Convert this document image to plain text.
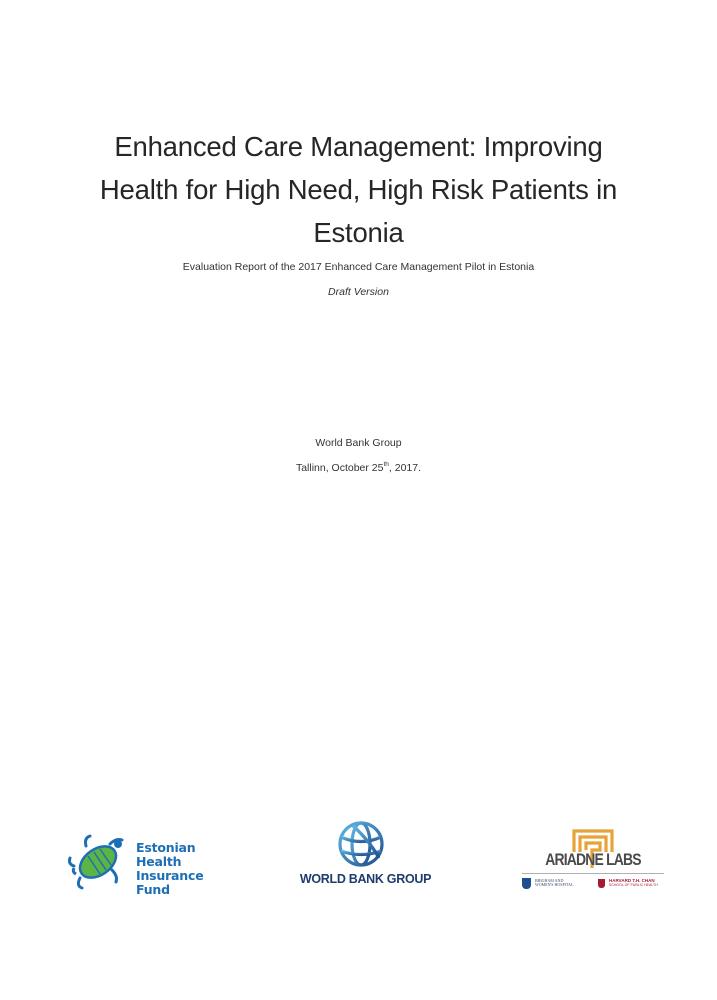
Enhanced Care Management: Improving
Health for High Need, High Risk Patients in
Estonia
Evaluation Report of the 2017 Enhanced Care Management Pilot in Estonia
Draft Version
World Bank Group
Tallinn, October 25th, 2017.
Estonian
Health Insurance
Fund
WORLD BANK GROUP
ARIADNE LABS
BRIGHAM AND
WOMEN'S HOSPITAL
HARVARD T.H. CHAN
SCHOOL OF PUBLIC HEALTH
